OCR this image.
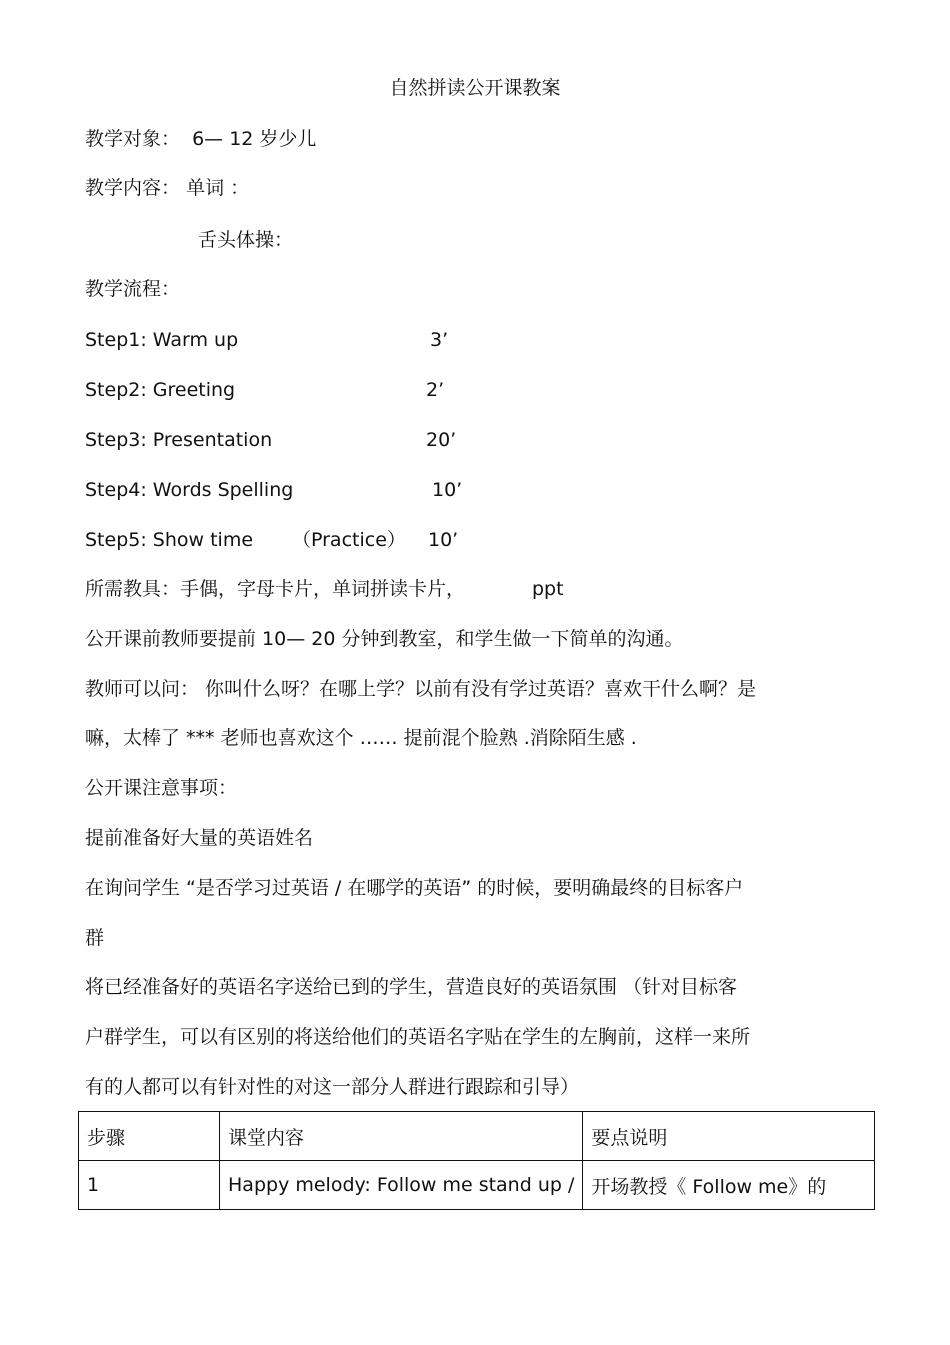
自然拼读公开课教案
教学对象： 6— 12 岁少儿
教学内容： 单词 ：
舌头体操：
教学流程：
Step1: Warm up	3’
Step2: Greeting	2’
Step3: Presentation	20’
Step4: Words Spelling	10’
Step5: Show time （Practice） 10’
所需教具：手偶，字母卡片，单词拼读卡片，	ppt
公开课前教师要提前 10— 20 分钟到教室，和学生做一下简单的沟通。
教师可以问： 你叫什么呀？在哪上学？以前有没有学过英语？喜欢干什么啊？是
嘛，太棒了 *** 老师也喜欢这个 …… 提前混个脸熟 .消除陌生感 .
公开课注意事项：
提前准备好大量的英语姓名
在询问学生 “是否学习过英语 / 在哪学的英语” 的时候，要明确最终的目标客户
群
将已经准备好的英语名字送给已到的学生，营造良好的英语氛围 （针对目标客
户群学生，可以有区别的将送给他们的英语名字贴在学生的左胸前，这样一来所
有的人都可以有针对性的对这一部分人群进行跟踪和引导）
步骤	课堂内容	要点说明
1	Happy melody: Follow me stand up /	开场教授《 Follow me》的
